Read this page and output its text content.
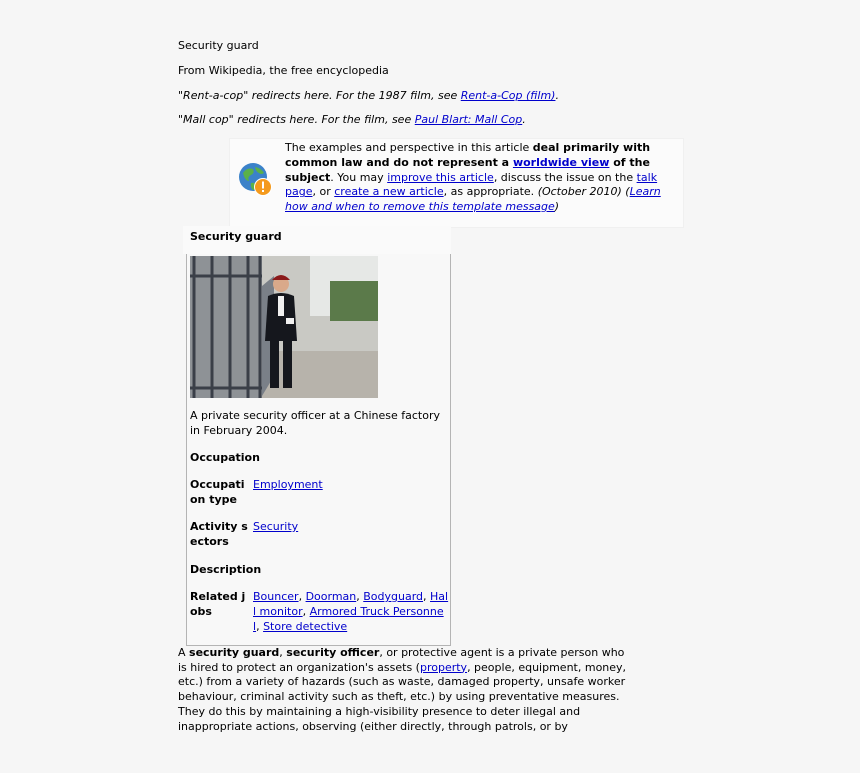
Security guard
From Wikipedia, the free encyclopedia
"Rent-a-cop" redirects here. For the 1987 film, see Rent-a-Cop (film).
"Mall cop" redirects here. For the film, see Paul Blart: Mall Cop.
The examples and perspective in this article deal primarily with common law and do not represent a worldwide view of the subject. You may improve this article, discuss the issue on the talk page, or create a new article, as appropriate. (October 2010) (Learn how and when to remove this template message)
Security guard
A private security officer at a Chinese factory in February 2004.
Occupation
Occupation type
Employment
Activity sectors
Security
Description
Related jobs
Bouncer, Doorman, Bodyguard, Hall monitor, Armored Truck Personnel, Store detective
A security guard, security officer, or protective agent is a private person who is hired to protect an organization's assets (property, people, equipment, money, etc.) from a variety of hazards (such as waste, damaged property, unsafe worker behaviour, criminal activity such as theft, etc.) by using preventative measures. They do this by maintaining a high-visibility presence to deter illegal and inappropriate actions, observing (either directly, through patrols, or by
